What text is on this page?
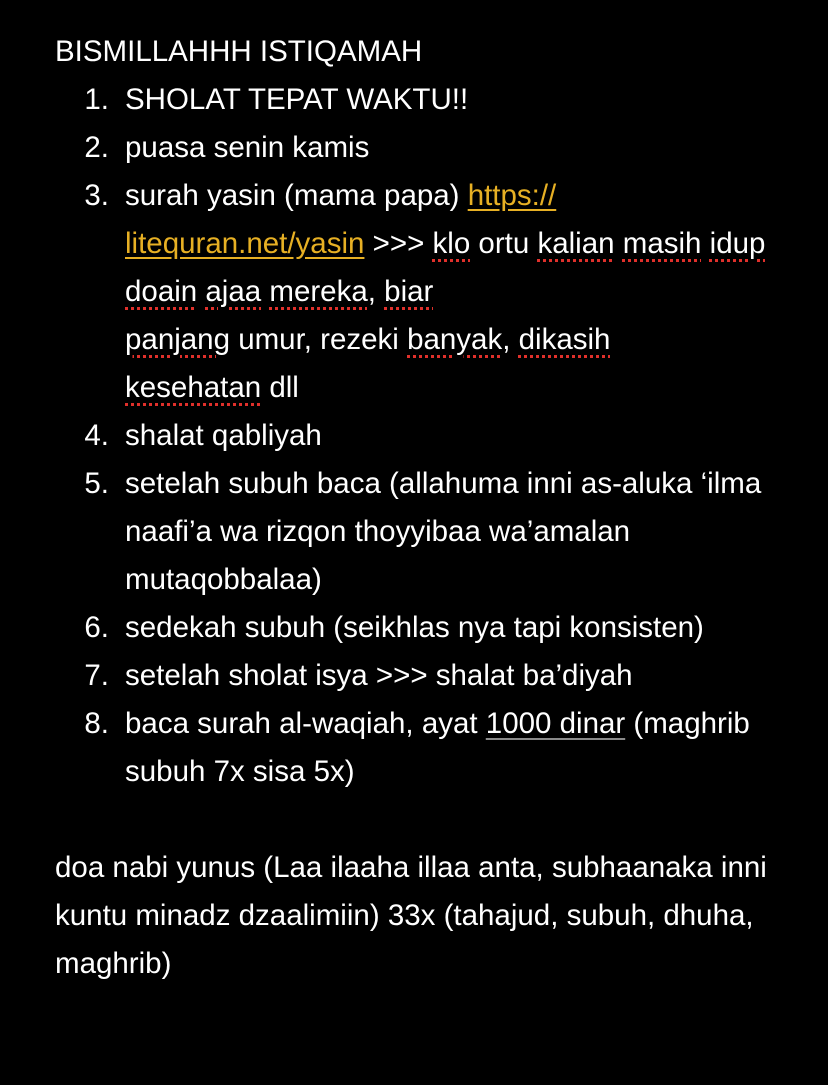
BISMILLAHHH ISTIQAMAH
1. SHOLAT TEPAT WAKTU!!
2. puasa senin kamis
3. surah yasin (mama papa) https://
litequran.net/yasin >>> klo ortu kalian masih idup doain ajaa mereka, biar
panjang umur, rezeki banyak, dikasih
kesehatan dll
4. shalat qabliyah
5. setelah subuh baca (allahuma inni as-aluka ‘ilma naafi’a wa rizqon thoyyibaa wa’amalan mutaqobbalaa)
6. sedekah subuh (seikhlas nya tapi konsisten)
7. setelah sholat isya >>> shalat ba’diyah
8. baca surah al-waqiah, ayat 1000 dinar (maghrib subuh 7x sisa 5x)
doa nabi yunus (Laa ilaaha illaa anta, subhaanaka inni kuntu minadz dzaalimiin) 33x (tahajud, subuh, dhuha, maghrib)
